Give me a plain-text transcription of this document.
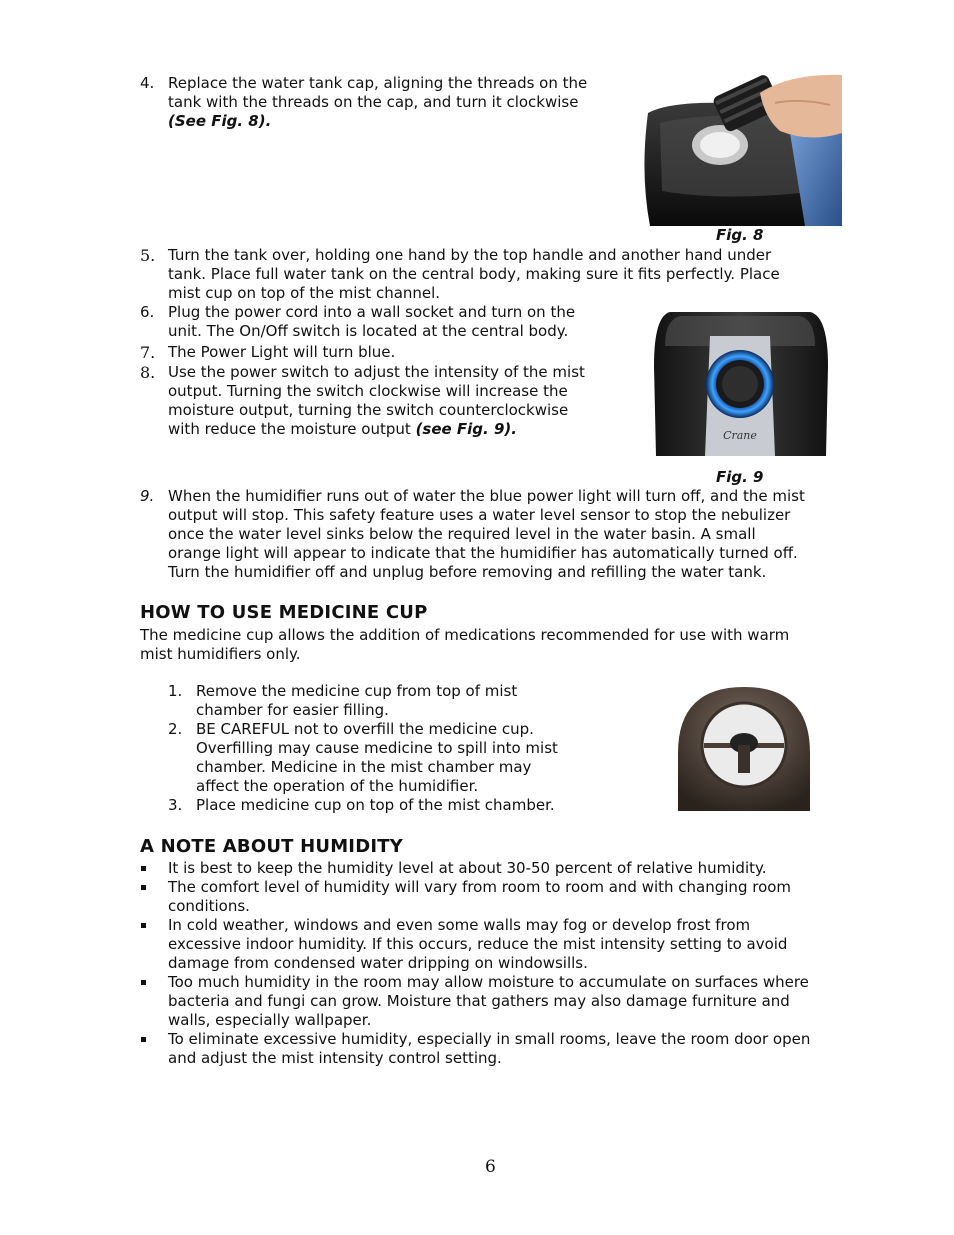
4. Replace the water tank cap, aligning the threads on the
tank with the threads on the cap, and turn it clockwise
(See Fig. 8).
Fig. 8
5. Turn the tank over, holding one hand by the top handle and another hand under
tank. Place full water tank on the central body, making sure it fits perfectly. Place
mist cup on top of the mist channel.
6. Plug the power cord into a wall socket and turn on the
unit. The On/Off switch is located at the central body.
7. The Power Light will turn blue.
8. Use the power switch to adjust the intensity of the mist
output. Turning the switch clockwise will increase the
moisture output, turning the switch counterclockwise
with reduce the moisture output (see Fig. 9).	Crane
Fig. 9
9. When the humidifier runs out of water the blue power light will turn off, and the mist
output will stop. This safety feature uses a water level sensor to stop the nebulizer
once the water level sinks below the required level in the water basin. A small
orange light will appear to indicate that the humidifier has automatically turned off.
Turn the humidifier off and unplug before removing and refilling the water tank.
HOW TO USE MEDICINE CUP
The medicine cup allows the addition of medications recommended for use with warm
mist humidifiers only.
1. Remove the medicine cup from top of mist
chamber for easier filling.
2. BE CAREFUL not to overfill the medicine cup.
Overfilling may cause medicine to spill into mist
chamber. Medicine in the mist chamber may
affect the operation of the humidifier.
3. Place medicine cup on top of the mist chamber.
A NOTE ABOUT HUMIDITY
It is best to keep the humidity level at about 30-50 percent of relative humidity.
The comfort level of humidity will vary from room to room and with changing room
conditions.
In cold weather, windows and even some walls may fog or develop frost from
excessive indoor humidity. If this occurs, reduce the mist intensity setting to avoid
damage from condensed water dripping on windowsills.
Too much humidity in the room may allow moisture to accumulate on surfaces where
bacteria and fungi can grow. Moisture that gathers may also damage furniture and
walls, especially wallpaper.
To eliminate excessive humidity, especially in small rooms, leave the room door open
and adjust the mist intensity control setting.
6
